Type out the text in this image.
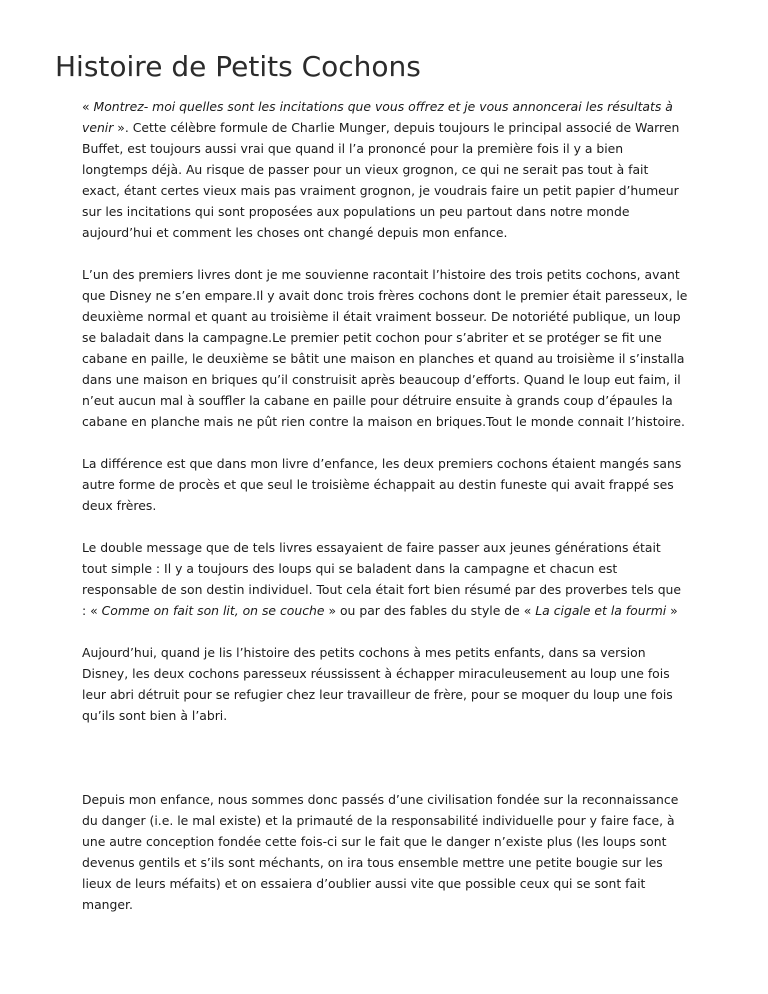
Histoire de Petits Cochons

« Montrez- moi quelles sont les incitations que vous offrez et je vous annoncerai les résultats à venir ». Cette célèbre formule de Charlie Munger, depuis toujours le principal associé de Warren Buffet, est toujours aussi vrai que quand il l’a prononcé pour la première fois il y a bien longtemps déjà. Au risque de passer pour un vieux grognon, ce qui ne serait pas tout à fait exact, étant certes vieux mais pas vraiment grognon, je voudrais faire un petit papier d’humeur sur les incitations qui sont proposées aux populations un peu partout dans notre monde aujourd’hui et comment les choses ont changé depuis mon enfance.

L’un des premiers livres dont je me souvienne racontait l’histoire des trois petits cochons, avant que Disney ne s’en empare.Il y avait donc trois frères cochons dont le premier était paresseux, le deuxième normal et quant au troisième il était vraiment bosseur. De notoriété publique, un loup se baladait dans la campagne.Le premier petit cochon pour s’abriter et se protéger se fit une cabane en paille, le deuxième se bâtit une maison en planches et quand au troisième il s’installa dans une maison en briques qu’il construisit après beaucoup d’efforts. Quand le loup eut faim, il n’eut aucun mal à souffler la cabane en paille pour détruire ensuite à grands coup d’épaules la cabane en planche mais ne pût rien contre la maison en briques.Tout le monde connait l’histoire.

La différence est que dans mon livre d’enfance, les deux premiers cochons étaient mangés sans autre forme de procès et que seul le troisième échappait au destin funeste qui avait frappé ses deux frères.

Le double message que de tels livres essayaient de faire passer aux jeunes générations était tout simple : Il y a toujours des loups qui se baladent dans la campagne et chacun est responsable de son destin individuel. Tout cela était fort bien résumé par des proverbes tels que : « Comme on fait son lit, on se couche » ou par des fables du style de « La cigale et la fourmi »

Aujourd’hui, quand je lis l’histoire des petits cochons à mes petits enfants, dans sa version Disney, les deux cochons paresseux réussissent à échapper miraculeusement au loup une fois leur abri détruit pour se refugier chez leur travailleur de frère, pour se moquer du loup une fois qu’ils sont bien à l’abri.

Depuis mon enfance, nous sommes donc passés d’une civilisation fondée sur la reconnaissance du danger (i.e. le mal existe) et la primauté de la responsabilité individuelle pour y faire face, à une autre conception fondée cette fois-ci sur le fait que le danger n’existe plus (les loups sont devenus gentils et s’ils sont méchants, on ira tous ensemble mettre une petite bougie sur les lieux de leurs méfaits) et on essaiera d’oublier aussi vite que possible ceux qui se sont fait manger.
